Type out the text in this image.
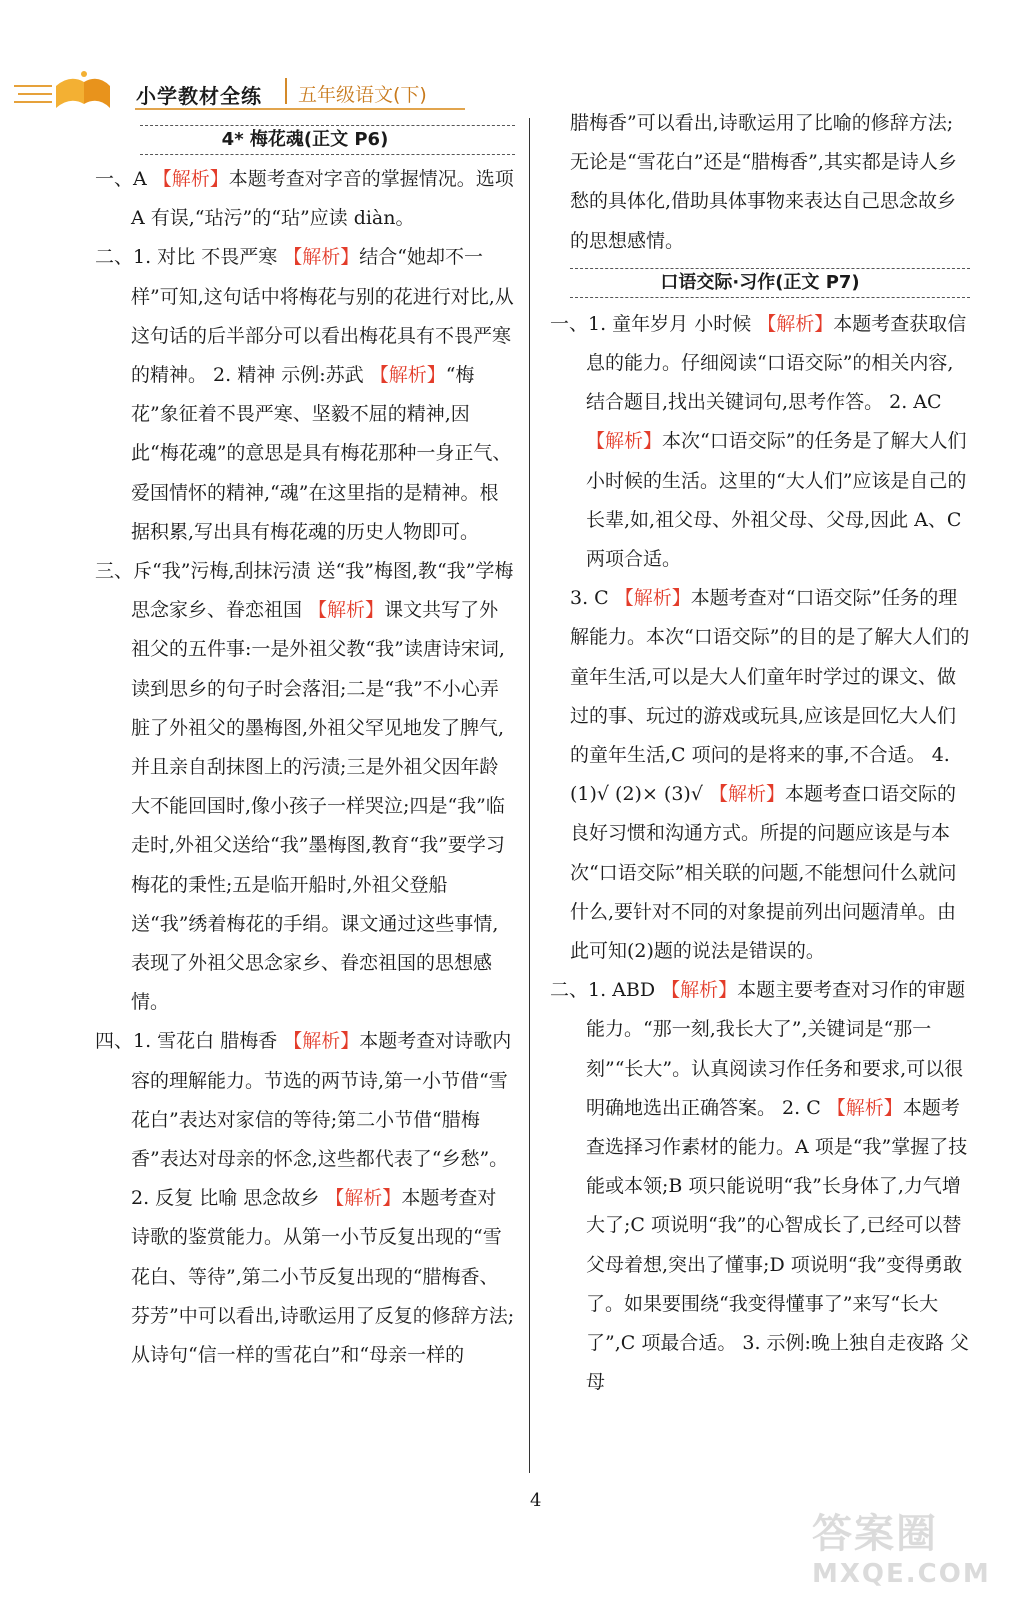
小学教材全练 五年级语文(下)
4* 梅花魂(正文 P6)

一、A 【解析】本题考查对字音的掌握情况。选项 A 有误,“玷污”的“玷”应读 diàn。

二、1. 对比 不畏严寒 【解析】结合“她却不一样”可知,这句话中将梅花与别的花进行对比,从这句话的后半部分可以看出梅花具有不畏严寒的精神。 2. 精神 示例:苏武 【解析】“梅花”象征着不畏严寒、坚毅不屈的精神,因此“梅花魂”的意思是具有梅花那种一身正气、爱国情怀的精神,“魂”在这里指的是精神。根据积累,写出具有梅花魂的历史人物即可。

三、斥“我”污梅,刮抹污渍 送“我”梅图,教“我”学梅 思念家乡、眷恋祖国 【解析】课文共写了外祖父的五件事:一是外祖父教“我”读唐诗宋词,读到思乡的句子时会落泪;二是“我”不小心弄脏了外祖父的墨梅图,外祖父罕见地发了脾气,并且亲自刮抹图上的污渍;三是外祖父因年龄大不能回国时,像小孩子一样哭泣;四是“我”临走时,外祖父送给“我”墨梅图,教育“我”要学习梅花的秉性;五是临开船时,外祖父登船送“我”绣着梅花的手绢。课文通过这些事情,表现了外祖父思念家乡、眷恋祖国的思想感情。

四、1. 雪花白 腊梅香 【解析】本题考查对诗歌内容的理解能力。节选的两节诗,第一小节借“雪花白”表达对家信的等待;第二小节借“腊梅香”表达对母亲的怀念,这些都代表了“乡愁”。 2. 反复 比喻 思念故乡 【解析】本题考查对诗歌的鉴赏能力。从第一小节反复出现的“雪花白、等待”,第二小节反复出现的“腊梅香、芬芳”中可以看出,诗歌运用了反复的修辞方法;从诗句“信一样的雪花白”和“母亲一样的

腊梅香”可以看出,诗歌运用了比喻的修辞方法;无论是“雪花白”还是“腊梅香”,其实都是诗人乡愁的具体化,借助具体事物来表达自己思念故乡的思想感情。

口语交际·习作(正文 P7)

一、1. 童年岁月 小时候 【解析】本题考查获取信息的能力。仔细阅读“口语交际”的相关内容,结合题目,找出关键词句,思考作答。 2. AC 【解析】本次“口语交际”的任务是了解大人们小时候的生活。这里的“大人们”应该是自己的长辈,如,祖父母、外祖父母、父母,因此 A、C 两项合适。

3. C 【解析】本题考查对“口语交际”任务的理解能力。本次“口语交际”的目的是了解大人们的童年生活,可以是大人们童年时学过的课文、做过的事、玩过的游戏或玩具,应该是回忆大人们的童年生活,C 项问的是将来的事,不合适。 4. (1)√ (2)× (3)√ 【解析】本题考查口语交际的良好习惯和沟通方式。所提的问题应该是与本次“口语交际”相关联的问题,不能想问什么就问什么,要针对不同的对象提前列出问题清单。由此可知(2)题的说法是错误的。

二、1. ABD 【解析】本题主要考查对习作的审题能力。“那一刻,我长大了”,关键词是“那一刻”“长大”。认真阅读习作任务和要求,可以很明确地选出正确答案。 2. C 【解析】本题考查选择习作素材的能力。A 项是“我”掌握了技能或本领;B 项只能说明“我”长身体了,力气增大了;C 项说明“我”的心智成长了,已经可以替父母着想,突出了懂事;D 项说明“我”变得勇敢了。如果要围绕“我变得懂事了”来写“长大了”,C 项最合适。 3. 示例:晚上独自走夜路 父母

4
答案圈
MXQE.COM
